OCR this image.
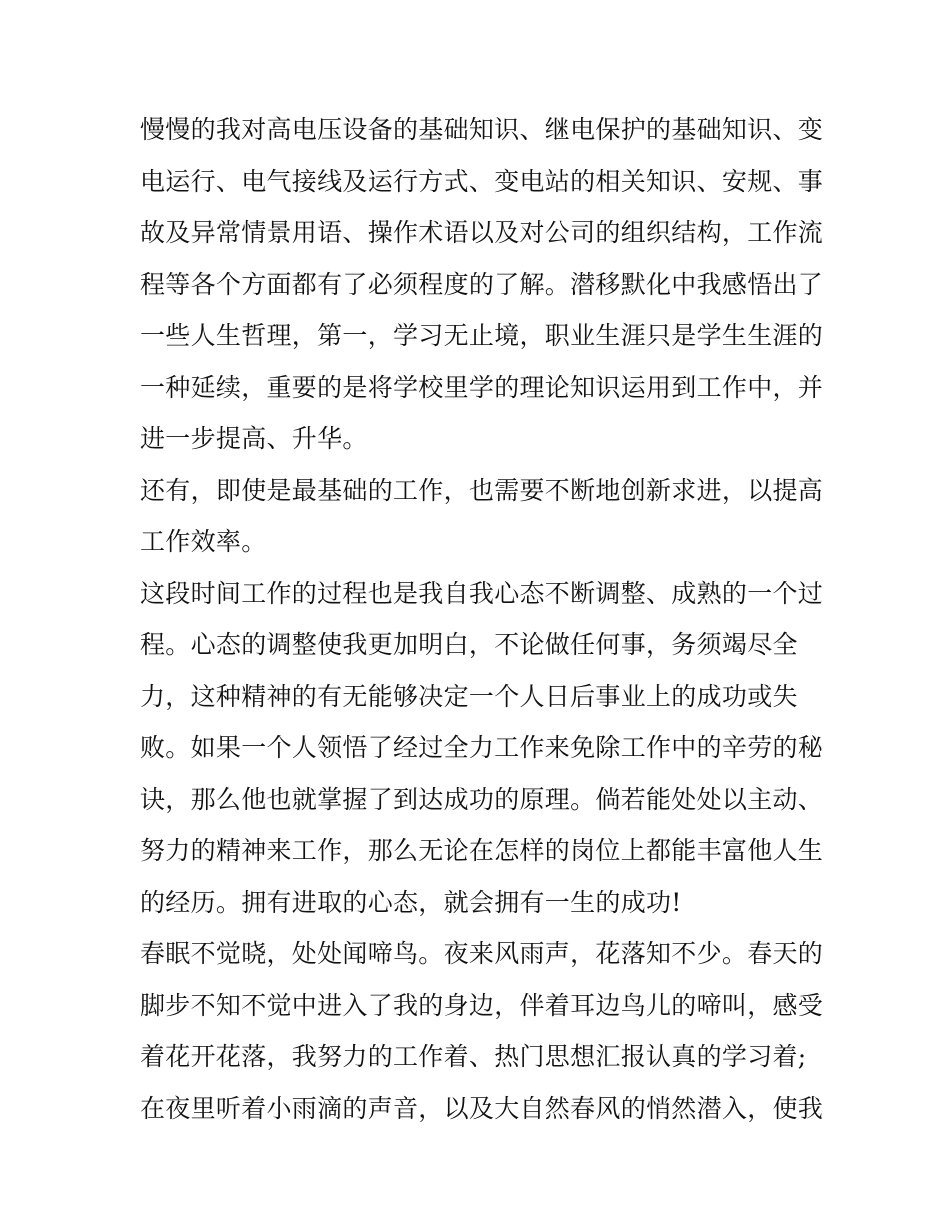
慢慢的我对高电压设备的基础知识、继电保护的基础知识、变
电运行、电气接线及运行方式、变电站的相关知识、安规、事
故及异常情景用语、操作术语以及对公司的组织结构，工作流
程等各个方面都有了必须程度的了解。潜移默化中我感悟出了
一些人生哲理，第一，学习无止境，职业生涯只是学生生涯的
一种延续，重要的是将学校里学的理论知识运用到工作中，并
进一步提高、升华。
还有，即使是最基础的工作，也需要不断地创新求进，以提高
工作效率。
这段时间工作的过程也是我自我心态不断调整、成熟的一个过
程。心态的调整使我更加明白，不论做任何事，务须竭尽全
力，这种精神的有无能够决定一个人日后事业上的成功或失
败。如果一个人领悟了经过全力工作来免除工作中的辛劳的秘
诀，那么他也就掌握了到达成功的原理。倘若能处处以主动、
努力的精神来工作，那么无论在怎样的岗位上都能丰富他人生
的经历。拥有进取的心态，就会拥有一生的成功!
春眠不觉晓，处处闻啼鸟。夜来风雨声，花落知不少。春天的
脚步不知不觉中进入了我的身边，伴着耳边鸟儿的啼叫，感受
着花开花落，我努力的工作着、热门思想汇报认真的学习着;
在夜里听着小雨滴的声音，以及大自然春风的悄然潜入，使我
